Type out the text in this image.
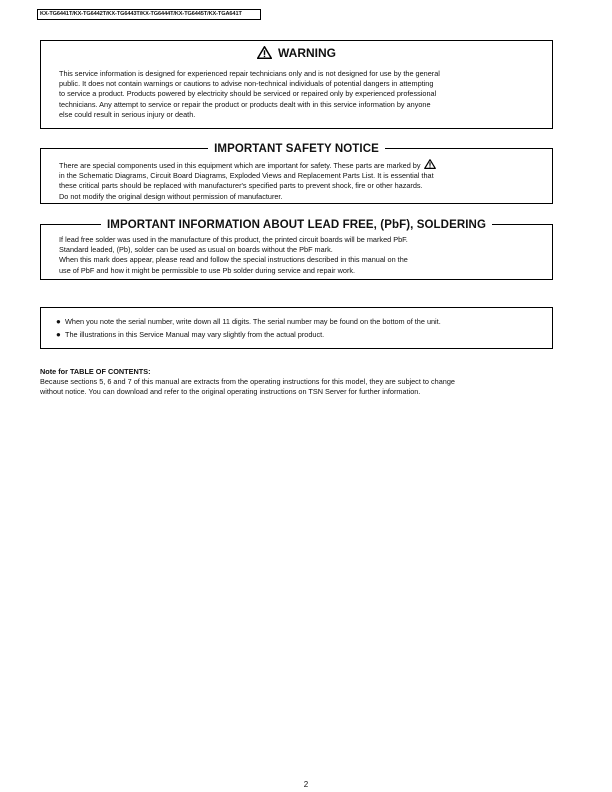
KX-TG6441T/KX-TG6442T/KX-TG6443T/KX-TG6444T/KX-TG6445T/KX-TGA641T
WARNING

This service information is designed for experienced repair technicians only and is not designed for use by the general

public. It does not contain warnings or cautions to advise non-technical individuals of potential dangers in attempting

to service a product. Products powered by electricity should be serviced or repaired only by experienced professional

technicians. Any attempt to service or repair the product or products dealt with in this service information by anyone

else could result in serious injury or death.

IMPORTANT SAFETY NOTICE

There are special components used in this equipment which are important for safety. These parts are marked by

in the Schematic Diagrams, Circuit Board Diagrams, Exploded Views and Replacement Parts List. It is essential that

these critical parts should be replaced with manufacturer's specified parts to prevent shock, fire or other hazards.

Do not modify the original design without permission of manufacturer.

IMPORTANT INFORMATION ABOUT LEAD FREE, (PbF), SOLDERING

If lead free solder was used in the manufacture of this product, the printed circuit boards will be marked PbF.

Standard leaded, (Pb), solder can be used as usual on boards without the PbF mark.

When this mark does appear, please read and follow the special instructions described in this manual on the

use of PbF and how it might be permissible to use Pb solder during service and repair work.

● When you note the serial number, write down all 11 digits. The serial number may be found on the bottom of the unit.
● The illustrations in this Service Manual may vary slightly from the actual product.
Note for TABLE OF CONTENTS:

Because sections 5, 6 and 7 of this manual are extracts from the operating instructions for this model, they are subject to change

without notice. You can download and refer to the original operating instructions on TSN Server for further information.

2
